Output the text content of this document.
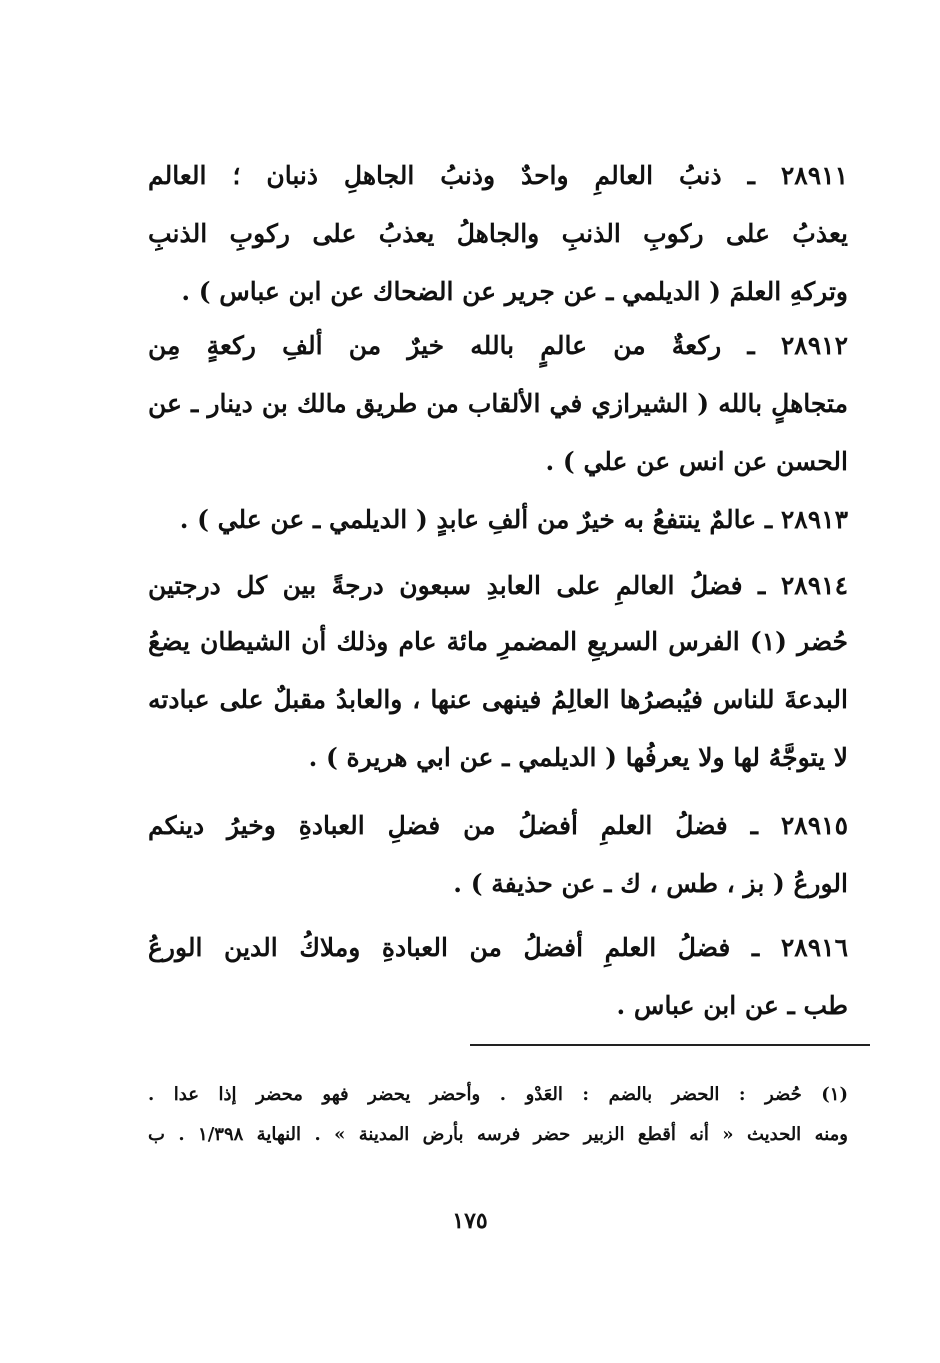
٢٨٩١١ ـ ذنبُ العالمِ واحدٌ وذنبُ الجاهلِ ذنبان ؛ العالم
يعذبُ على ركوبِ الذنبِ والجاهلُ يعذبُ على ركوبِ الذنبِ
وتركهِ العلمَ ( الديلمي ـ عن جرير عن الضحاك عن ابن عباس ) .
٢٨٩١٢ ـ ركعةٌ من عالمٍ بالله خيرٌ من ألفِ ركعةٍ مِن
متجاهلٍ بالله ( الشيرازي في الألقاب من طريق مالك بن دينار ـ عن
الحسن عن انس عن علي ) .
٢٨٩١٣ ـ عالمٌ ينتفعُ به خيرٌ من ألفِ عابدٍ ( الديلمي ـ عن علي ) .
٢٨٩١٤ ـ فضلُ العالمِ على العابدِ سبعون درجةً بين كل درجتين
حُضر (١) الفرس السريعِ المضمرِ مائة عام وذلك أن الشيطان يضعُ
البدعةَ للناس فيُبصرُها العالِمُ فينهى عنها ، والعابدُ مقبلٌ على عبادته
لا يتوجَّهُ لها ولا يعرفُها ( الديلمي ـ عن ابي هريرة ) .
٢٨٩١٥ ـ فضلُ العلمِ أفضلُ من فضلِ العبادةِ وخيرُ دينكم
الورعُ ( بز ، طس ، ك ـ عن حذيفة ) .
٢٨٩١٦ ـ فضلُ العلمِ أفضلُ من العبادةِ وملاكُ الدين الورعُ
طب ـ عن ابن عباس .
(١) حُضر : الحضر بالضم : العَدْو . وأحضر يحضر فهو محضر إذا عدا .
ومنه الحديث « أنه أقطع الزبير حضر فرسه بأرض المدينة » . النهاية ١/٣٩٨ . ب
١٧٥
